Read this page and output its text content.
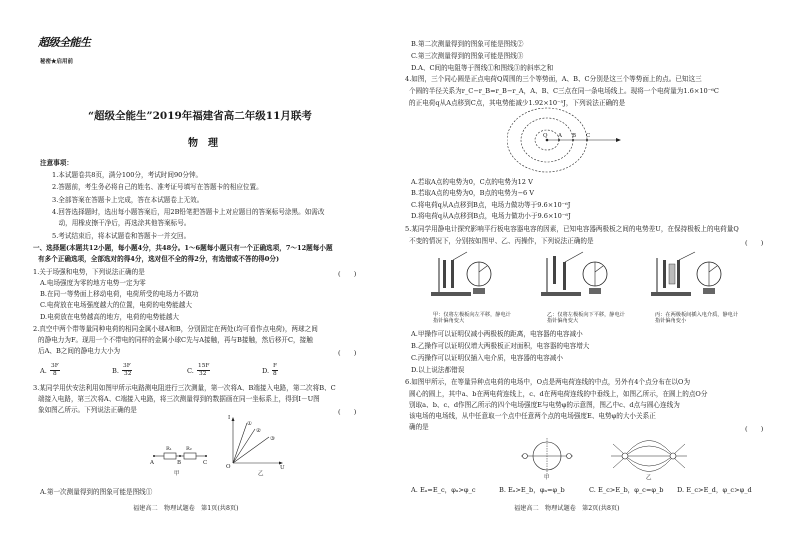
超级全能生
秘密★启用前
“超级全能生”2019年福建省高二年级11月联考
物　理
注意事项：
1.本试题卷共8页，满分100分，考试时间90分钟。
2.答题前，考生务必将自己的姓名、准考证号填写在答题卡的相应位置。
3.全部答案在答题卡上完成，答在本试题卷上无效。
4.回答选择题时，选出每小题答案后，用2B铅笔把答题卡上对应题目的答案标号涂黑。如需改
　动，用橡皮擦干净后，再选涂其他答案标号。
5.考试结束后，将本试题卷和答题卡一并交回。
一、选择题(本题共12小题，每小题4分，共48分。1～6题每小题只有一个正确选项，7～12题每小题
有多个正确选项，全部选对的得4分，选对但不全的得2分，有选错或不答的得0分)
1.关于场强和电势，下列说法正确的是	(　　)
A.电场强度为零的地方电势一定为零
B.在同一等势面上移动电荷，电荷所受的电场力不做功
C.电荷放在电场强度越大的位置，电荷的电势能越大
D.电荷放在电势越高的地方，电荷的电势能越大
2.真空中两个带等量同种电荷的相同金属小球A和B，分别固定在两处(均可看作点电荷)，两球之间
的静电力为F。现用一个不带电的同样的金属小球C先与A接触，再与B接触，然后移开C，接触
后A、B之间的静电力大小为	(　　)
A.
3F
8	B.
3F
32	C.
15F
32	D.
F
8
3.某同学用伏安法利用如图甲所示电路测电阻进行三次测量，第一次将A、B端接入电路，第二次将B、C
端接入电路，第三次将A、C端接入电路，将三次测量得到的数据画在同一坐标系上，得到I－U图
象如图乙所示。下列说法正确的是	(　　)
A	B	C
R₁	R₂
甲
I
U
O
①
②
③
乙
A.第一次测量得到的图象可能是图线①
福建高二　物理试题卷　第1页(共8页)
B.第二次测量得到的图象可能是图线②
C.第三次测量得到的图象可能是图线③
D.A、C间的电阻等于图线①和图线③的斜率之和
4.如图，三个同心圆是正点电荷Q周围的三个等势面，A、B、C分别是这三个等势面上的点。已知这三
个圆的半径关系为r_C−r_B=r_B−r_A，A、B、C三点在同一条电场线上。现将一个电荷量为1.6×10⁻⁶C
的正电荷q从A点移到C点，其电势能减少1.92×10⁻⁵J，下列说法正确的是
Q A B C
A.若取A点的电势为0，C点的电势为12 V
B.若取A点的电势为0，B点的电势为−6 V
C.将电荷q从A点移到B点，电场力做功等于9.6×10⁻⁶J
D.将电荷q从A点移到B点，电场力做功小于9.6×10⁻⁶J
5.某同学用静电计探究影响平行板电容器电容的因素，已知电容器两极板之间的电势差U，在保持极板上的电荷量Q
不变的情况下，分别按如图甲、乙、丙操作，下列说法正确的是	(　　)
甲：仅将左极板向左平移，静电计
指针偏角变大
乙：仅将左极板向下平移，静电计
指针偏角变大
丙：在两极板间插入电介质，静电计
指针偏角变小
A.甲操作可以证明仅减小两极板的距离，电容器的电容减小
B.乙操作可以证明仅增大两极板正对面积，电容器的电容增大
C.丙操作可以证明仅插入电介质，电容器的电容减小
D.以上说法都错误
6.如图甲所示，在等量异种点电荷的电场中，O点是两电荷连线的中点，另外有4个点分布在以O为
圆心的圆上，其中a、b在两电荷连线上，c、d在两电荷连线的中垂线上，如图乙所示，在圆上的点O分
别取a、b、c、d作图乙所示的四个电场强度E与电势φ的示意图，图乙中c、d点与圆心连线为
该电场的电场线，从中任意取一个点中任意两个点的电场强度E、电势φ的大小关系正
确的是	(　　)
甲	乙
A. Eₐ=E_c，φₐ>φ_c	B. Eₐ>E_b，φₐ=φ_b	C. E_c>E_b，φ_c=φ_b D. E_c>E_d，φ_c>φ_d
福建高二　物理试题卷　第2页(共8页)
